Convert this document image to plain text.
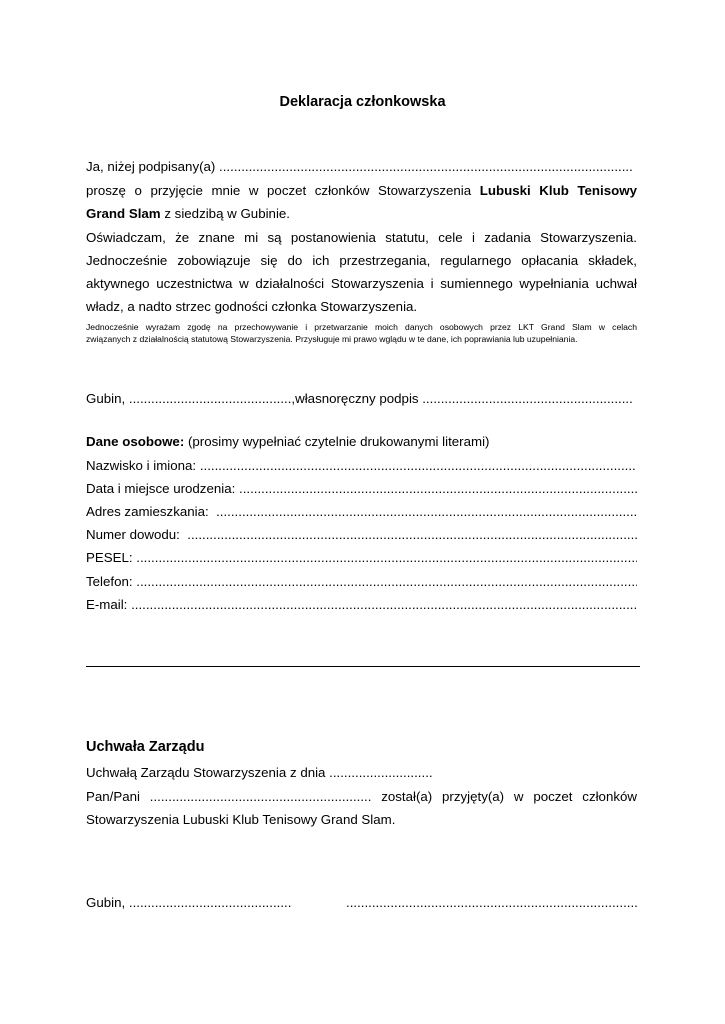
Deklaracja członkowska
Ja, niżej podpisany(a) ................................................................................................................
proszę o przyjęcie mnie w poczet członków Stowarzyszenia Lubuski Klub Tenisowy
Grand Slam z siedzibą w Gubinie.
Oświadczam, że znane mi są postanowienia statutu, cele i zadania Stowarzyszenia.
Jednocześnie zobowiązuje się do ich przestrzegania, regularnego opłacania składek,
aktywnego uczestnictwa w działalności Stowarzyszenia i sumiennego wypełniania uchwał
władz, a nadto strzec godności członka Stowarzyszenia.
Jednocześnie wyrażam zgodę na przechowywanie i przetwarzanie moich danych osobowych przez LKT Grand Slam w celach
związanych z działalnością statutową Stowarzyszenia. Przysługuje mi prawo wglądu w te dane, ich poprawiania lub uzupełniania.
Gubin, ............................................,własnoręczny podpis .........................................................
Dane osobowe: (prosimy wypełniać czytelnie drukowanymi literami)
Nazwisko i imiona:

.....
Data i miejsce urodzenia:

.....
Adres zamieszkania:

.....
Numer dowodu:

.....
PESEL:

.....
Telefon:

.....
E-mail:

.....
Uchwała Zarządu
Uchwałą Zarządu Stowarzyszenia z dnia ............................
Pan/Pani ............................................................ został(a) przyjęty(a) w poczet członków
Stowarzyszenia Lubuski Klub Tenisowy Grand Slam.
Gubin, ............................................	...............................................................................
